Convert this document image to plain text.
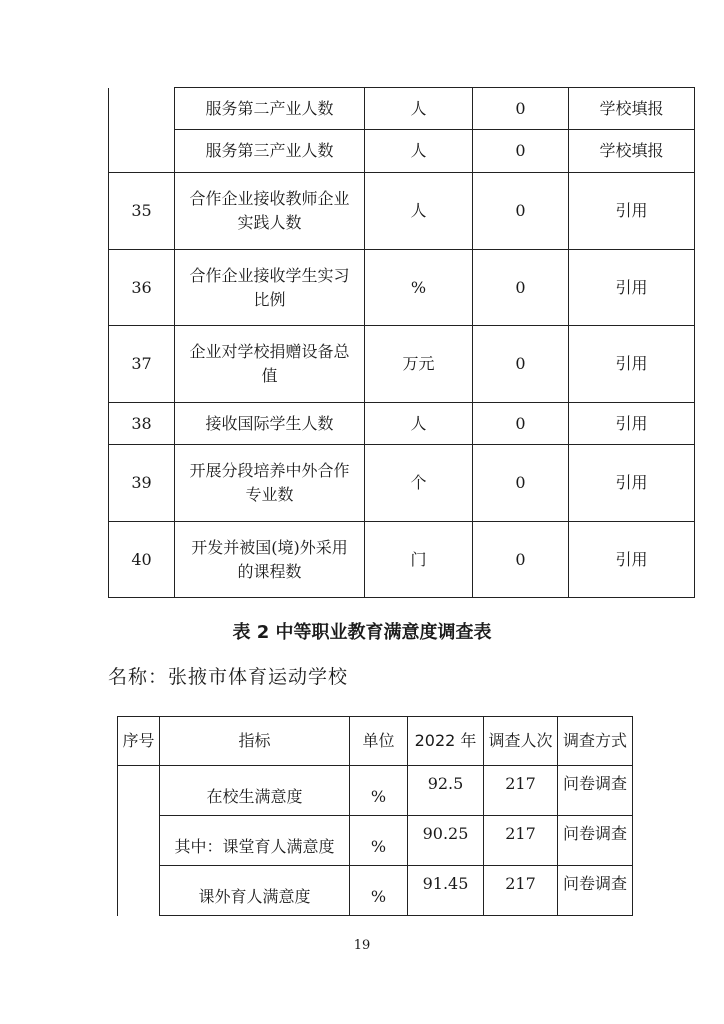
	服务第二产业人数	人	0	学校填报
	服务第三产业人数	人	0	学校填报
35	合作企业接收教师企业实践人数	人	0	引用
36	合作企业接收学生实习比例	%	0	引用
37	企业对学校捐赠设备总值	万元	0	引用
38	接收国际学生人数	人	0	引用
39	开展分段培养中外合作专业数	个	0	引用
40	开发并被国(境)外采用的课程数	门	0	引用
表 2 中等职业教育满意度调查表
名称：张掖市体育运动学校
序号	指标	单位	2022 年	调查人次	调查方式
	在校生满意度	%	92.5	217	问卷调查
	其中：课堂育人满意度	%	90.25	217	问卷调查
	课外育人满意度	%	91.45	217	问卷调查
19
